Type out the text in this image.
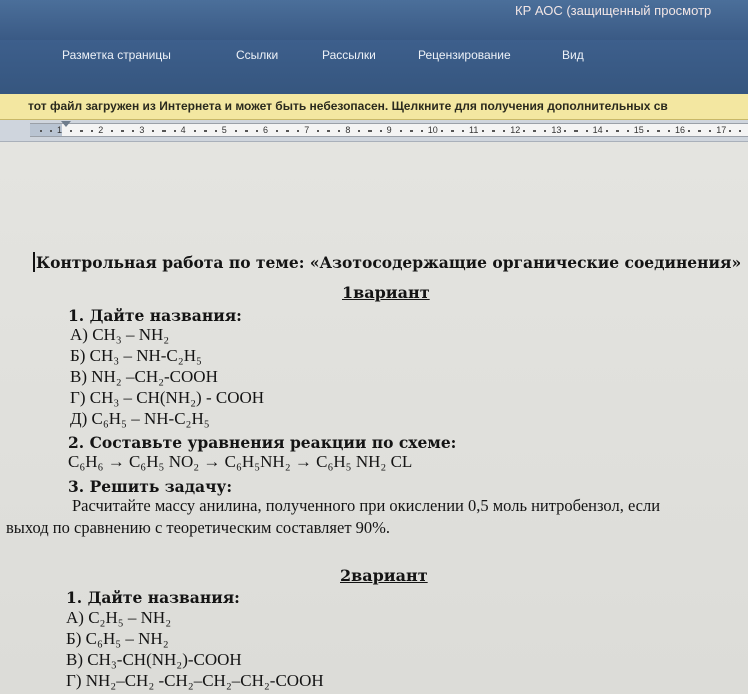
КР АОС (защищенный просмотр
Разметка страницы	Ссылки	Рассылки	Рецензирование	Вид
тот файл загружен из Интернета и может быть небезопасен. Щелкните для получения дополнительных св
1	2	3	4	5	6	7	8	9	10	11	12	13	14	15	16	17
Контрольная работа по теме: «Азотосодержащие органические соединения»
1вариант
1. Дайте названия:
А) CH₃ – NH₂
Б) CH₃ – NH-C₂H₅
В) NH₂ –CH₂-COOH
Г) CH₃ – CH(NH₂) - COOH
Д) C₆H₅ – NH-C₂H₅
2. Составьте уравнения реакции по схеме:
C₆H₆ → C₆H₅ NO₂ → C₆H₅NH₂ → C₆H₅ NH₂ CL
3. Решить задачу:
Расчитайте массу анилина, полученного при окислении 0,5 моль нитробензол, если
выход по сравнению с теоретическим составляет 90%.
2вариант
1. Дайте названия:
А) C₂H₅ – NH₂
Б) C₆H₅ – NH₂
В) CH₃-CH(NH₂)-COOH
Г) NH₂–CH₂ -CH₂–CH₂–CH₂-COOH
